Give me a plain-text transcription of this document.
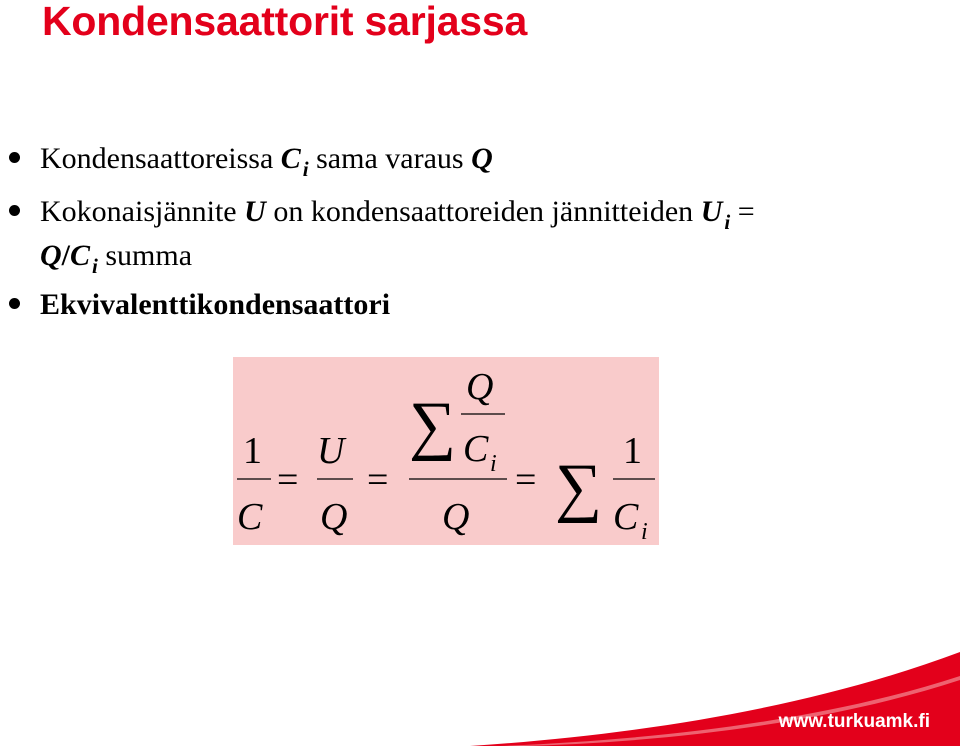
Kondensaattorit sarjassa
Kondensaattoreissa $C_i$ sama varaus Q
Kokonaisjännite U on kondensaattoreiden jännitteiden $U_i$ =
$Q/C_i$ summa
Ekvivalenttikondensaattori
1
C
=
U
Q
=
∑
Q
C i
Q
= ∑ 1
C i
www.turkuamk.fi
